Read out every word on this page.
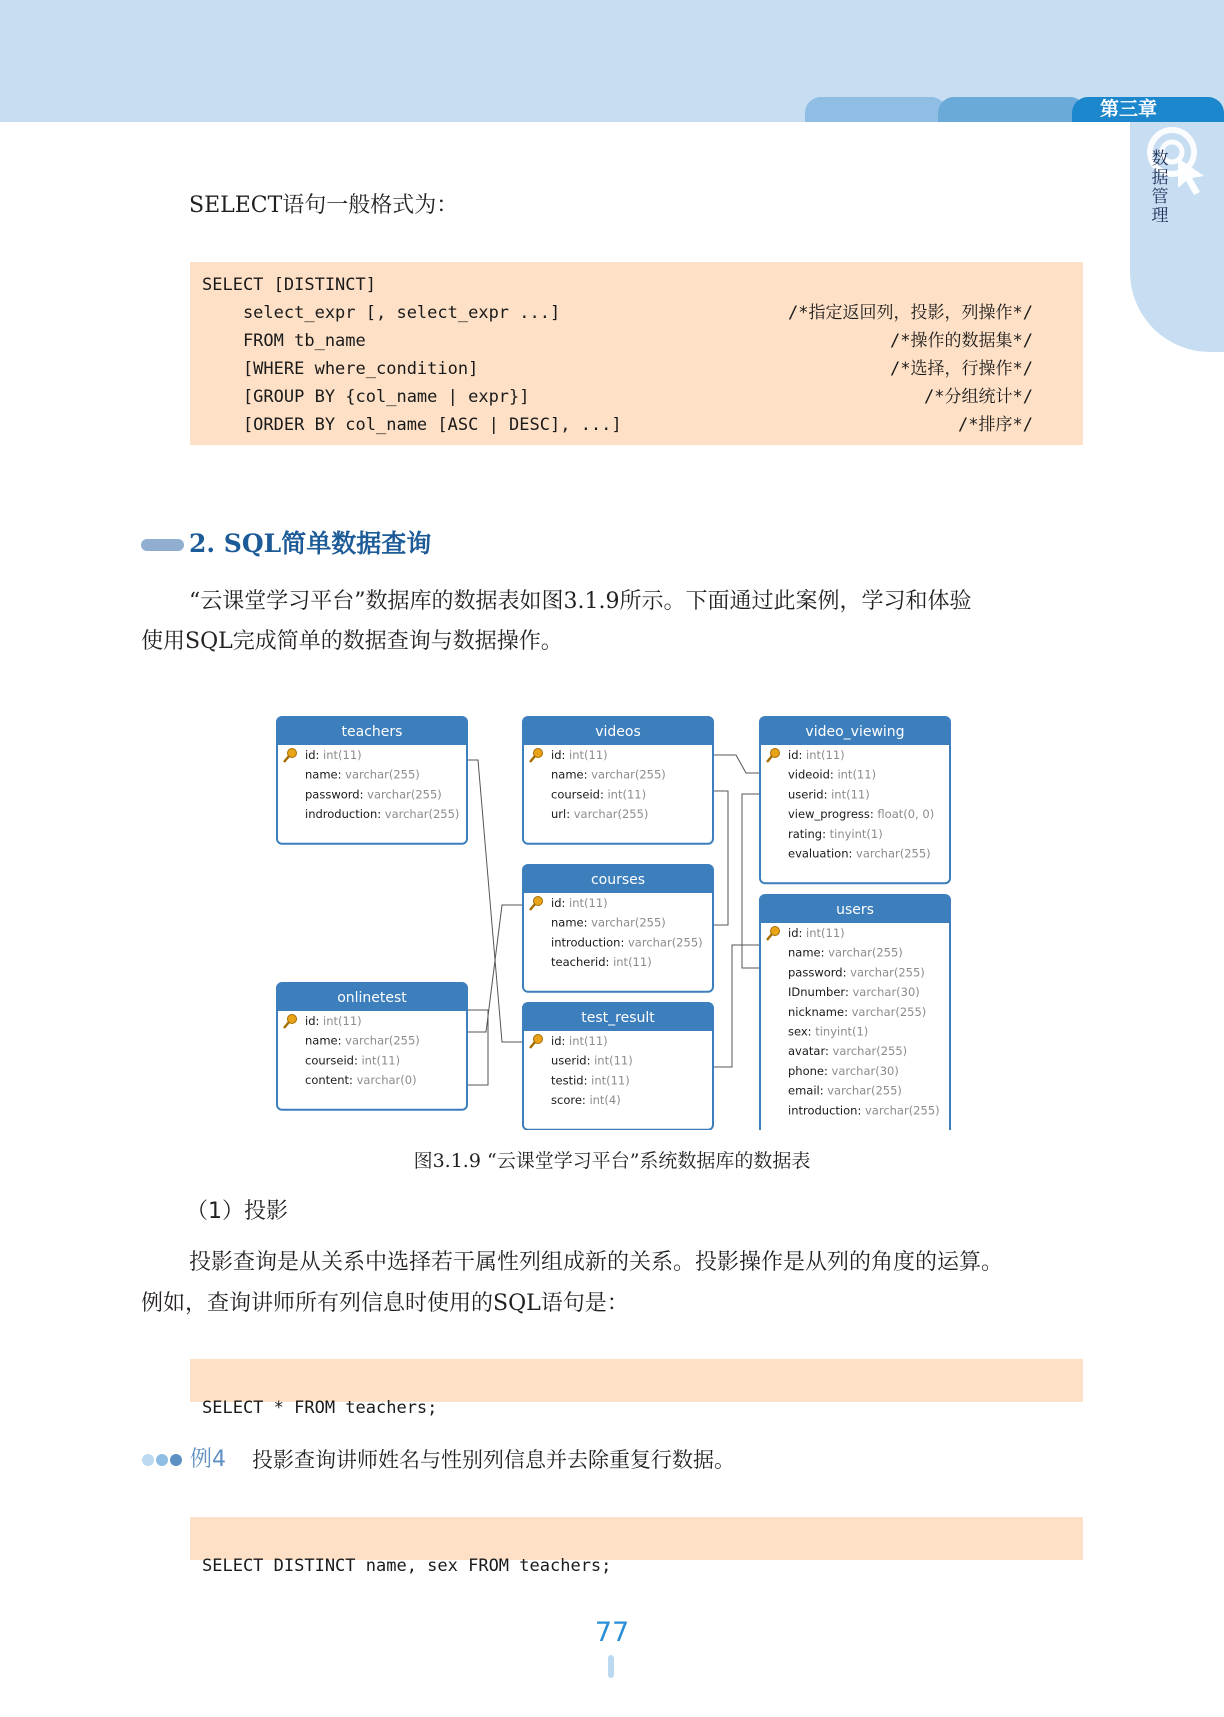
第三章
数
据
管
理
SELECT语句一般格式为：
SELECT [DISTINCT]
select_expr [, select_expr ...]	/*指定返回列，投影，列操作*/
FROM tb_name	/*操作的数据集*/
[WHERE where_condition]	/*选择，行操作*/
[GROUP BY {col_name | expr}]	/*分组统计*/
[ORDER BY col_name [ASC | DESC], ...]	/*排序*/
2. SQL简单数据查询
“云课堂学习平台”数据库的数据表如图3.1.9所示。下面通过此案例，学习和体验
使用SQL完成简单的数据查询与数据操作。
teachers
id: int(11)
name: varchar(255)
password: varchar(255)
indroduction: varchar(255)
videos
id: int(11)
name: varchar(255)
courseid: int(11)
url: varchar(255)
video_viewing
id: int(11)
videoid: int(11)
userid: int(11)
view_progress: float(0, 0)
rating: tinyint(1)
evaluation: varchar(255)
courses
id: int(11)
name: varchar(255)
introduction: varchar(255)
teacherid: int(11)
users
id: int(11)
name: varchar(255)
password: varchar(255)
IDnumber: varchar(30)
nickname: varchar(255)
sex: tinyint(1)
avatar: varchar(255)
phone: varchar(30)
email: varchar(255)
introduction: varchar(255)
onlinetest
id: int(11)
name: varchar(255)
courseid: int(11)
content: varchar(0)
test_result
id: int(11)
userid: int(11)
testid: int(11)
score: int(4)
图3.1.9 “云课堂学习平台”系统数据库的数据表
（1）投影
投影查询是从关系中选择若干属性列组成新的关系。投影操作是从列的角度的运算。
例如，查询讲师所有列信息时使用的SQL语句是：

SELECT * FROM teachers;

例4 投影查询讲师姓名与性别列信息并去除重复行数据。

SELECT DISTINCT name, sex FROM teachers;

77
